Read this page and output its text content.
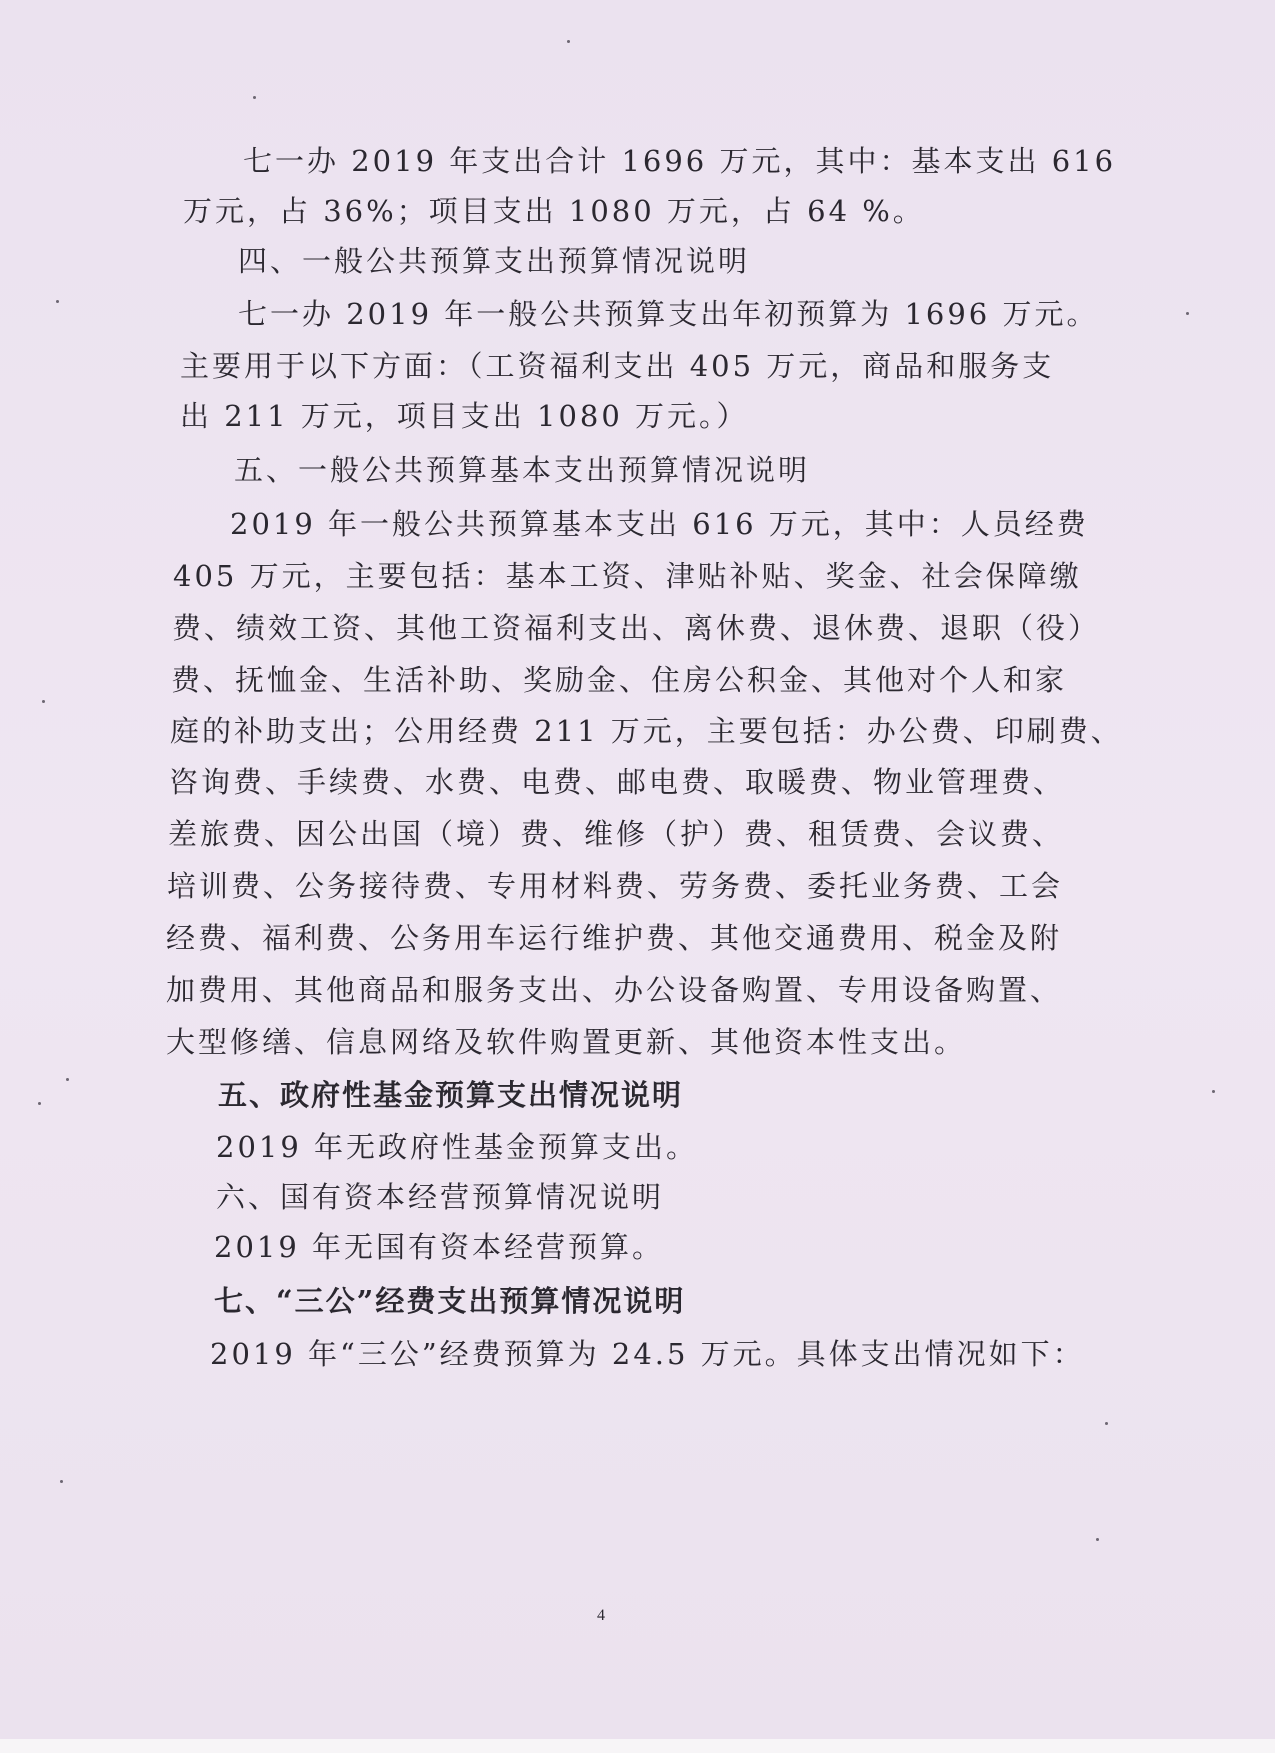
七一办 2019 年支出合计 1696 万元，其中：基本支出 616
万元，占 36%；项目支出 1080 万元，占 64 %。
四、一般公共预算支出预算情况说明
七一办 2019 年一般公共预算支出年初预算为 1696 万元。
主要用于以下方面：（工资福利支出 405 万元，商品和服务支
出 211 万元，项目支出 1080 万元。）
五、一般公共预算基本支出预算情况说明
2019 年一般公共预算基本支出 616 万元，其中：人员经费
405 万元，主要包括：基本工资、津贴补贴、奖金、社会保障缴
费、绩效工资、其他工资福利支出、离休费、退休费、退职（役）
费、抚恤金、生活补助、奖励金、住房公积金、其他对个人和家
庭的补助支出；公用经费 211 万元，主要包括：办公费、印刷费、
咨询费、手续费、水费、电费、邮电费、取暖费、物业管理费、
差旅费、因公出国（境）费、维修（护）费、租赁费、会议费、
培训费、公务接待费、专用材料费、劳务费、委托业务费、工会
经费、福利费、公务用车运行维护费、其他交通费用、税金及附
加费用、其他商品和服务支出、办公设备购置、专用设备购置、
大型修缮、信息网络及软件购置更新、其他资本性支出。
五、政府性基金预算支出情况说明
2019 年无政府性基金预算支出。
六、国有资本经营预算情况说明
2019 年无国有资本经营预算。
七、“三公”经费支出预算情况说明
2019 年“三公”经费预算为 24.5 万元。具体支出情况如下：
4
